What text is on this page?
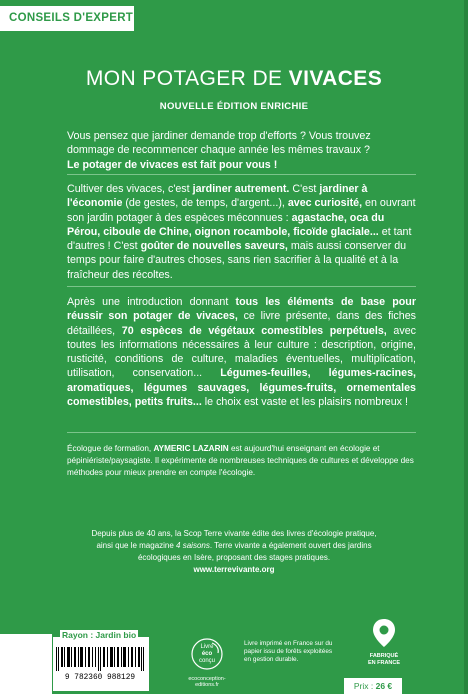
CONSEILS D'EXPERT
MON POTAGER DE VIVACES
NOUVELLE ÉDITION ENRICHIE

Vous pensez que jardiner demande trop d'efforts ? Vous trouvez dommage de recommencer chaque année les mêmes travaux ?
Le potager de vivaces est fait pour vous !

Cultiver des vivaces, c'est jardiner autrement. C'est jardiner à l'économie (de gestes, de temps, d'argent...), avec curiosité, en ouvrant son jardin potager à des espèces méconnues : agastache, oca du Pérou, ciboule de Chine, oignon rocambole, ficoïde glaciale... et tant d'autres ! C'est goûter de nouvelles saveurs, mais aussi conserver du temps pour faire d'autres choses, sans rien sacrifier à la qualité et à la fraîcheur des récoltes.

Après une introduction donnant tous les éléments de base pour réussir son potager de vivaces, ce livre présente, dans des fiches détaillées, 70 espèces de végétaux comestibles perpétuels, avec toutes les informations nécessaires à leur culture : description, origine, rusticité, conditions de culture, maladies éventuelles, multiplication, utilisation, conservation... Légumes-feuilles, légumes-racines, aromatiques, légumes sauvages, légumes-fruits, ornementales comestibles, petits fruits... le choix est vaste et les plaisirs nombreux !

Écologue de formation, AYMERIC LAZARIN est aujourd'hui enseignant en écologie et pépiniériste/paysagiste. Il expérimente de nombreuses techniques de cultures et développe des méthodes pour mieux prendre en compte l'écologie.

Depuis plus de 40 ans, la Scop Terre vivante édite des livres d'écologie pratique,
ainsi que le magazine 4 saisons. Terre vivante a également ouvert des jardins
écologiques en Isère, proposant des stages pratiques.
www.terrevivante.org
Rayon : Jardin bio
9 782360 988129
Livre
éco
conçu
ecoconception-editions.fr
Livre imprimé en France sur du papier issu de forêts exploitées en gestion durable.	FABRIQUÉ
EN FRANCE
Prix : 26 €
